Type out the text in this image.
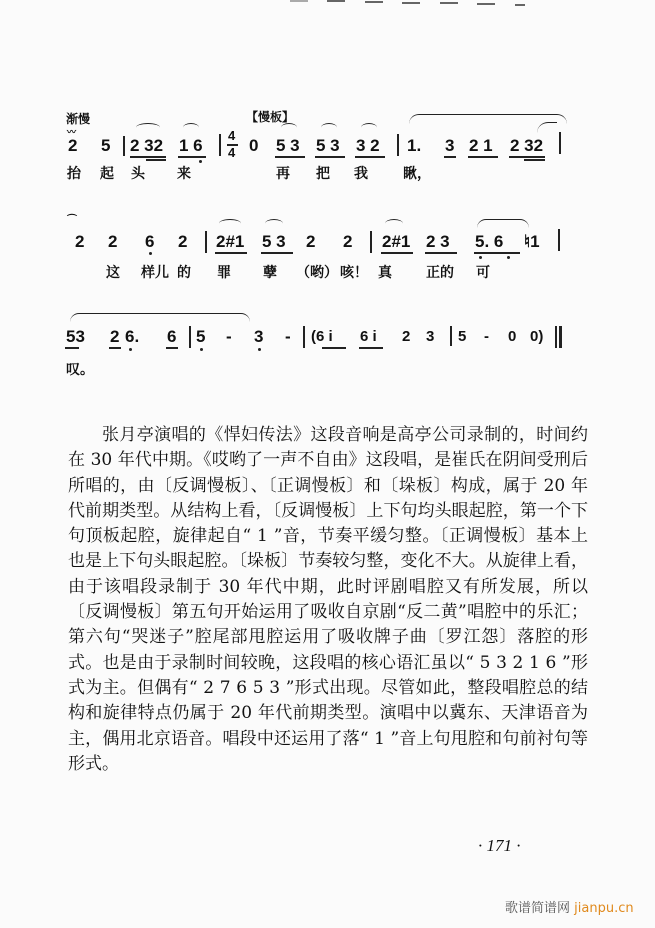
渐慢	【慢板】
〰
2 5 2 32 1 6
4
4 0 5 3 5 3 3 2 1. 3 2 1 2 32
抬 起 头 来	再 把 我	瞅，
⌒
2 2 6 2 2#1 5 3 2 2 2#1 2 3 5. 6 ♮1
这 样儿 的 罪 孽 （哟） 咳！ 真 正的 可
53 2 6. 6 5 - 3 - (6 i 6 i 2 3 5 - 0 0)
叹。

张月亭演唱的《悍妇传法》这段音响是高亭公司录制的，时间约在 30 年代中期。《哎哟了一声不自由》这段唱，是崔氏在阴间受刑后所唱的，由〔反调慢板〕、〔正调慢板〕和〔垛板〕构成，属于 20 年代前期类型。从结构上看，〔反调慢板〕上下句均头眼起腔，第一个下句顶板起腔，旋律起自“ 1 ”音，节奏平缓匀整。〔正调慢板〕基本上也是上下句头眼起腔。〔垛板〕节奏较匀整，变化不大。从旋律上看，由于该唱段录制于 30 年代中期，此时评剧唱腔又有所发展，所以〔反调慢板〕第五句开始运用了吸收自京剧“反二黄”唱腔中的乐汇；第六句“哭迷子”腔尾部甩腔运用了吸收牌子曲〔罗江怨〕落腔的形式。也是由于录制时间较晚，这段唱的核心语汇虽以“ 5 3 2 1 6 ”形式为主。但偶有“ 2 7 6 5 3 ”形式出现。尽管如此，整段唱腔总的结构和旋律特点仍属于 20 年代前期类型。演唱中以冀东、天津语音为主，偶用北京语音。唱段中还运用了落“ 1 ”音上句甩腔和句前衬句等形式。

· 171 ·
歌谱简谱网 jianpu.cn
